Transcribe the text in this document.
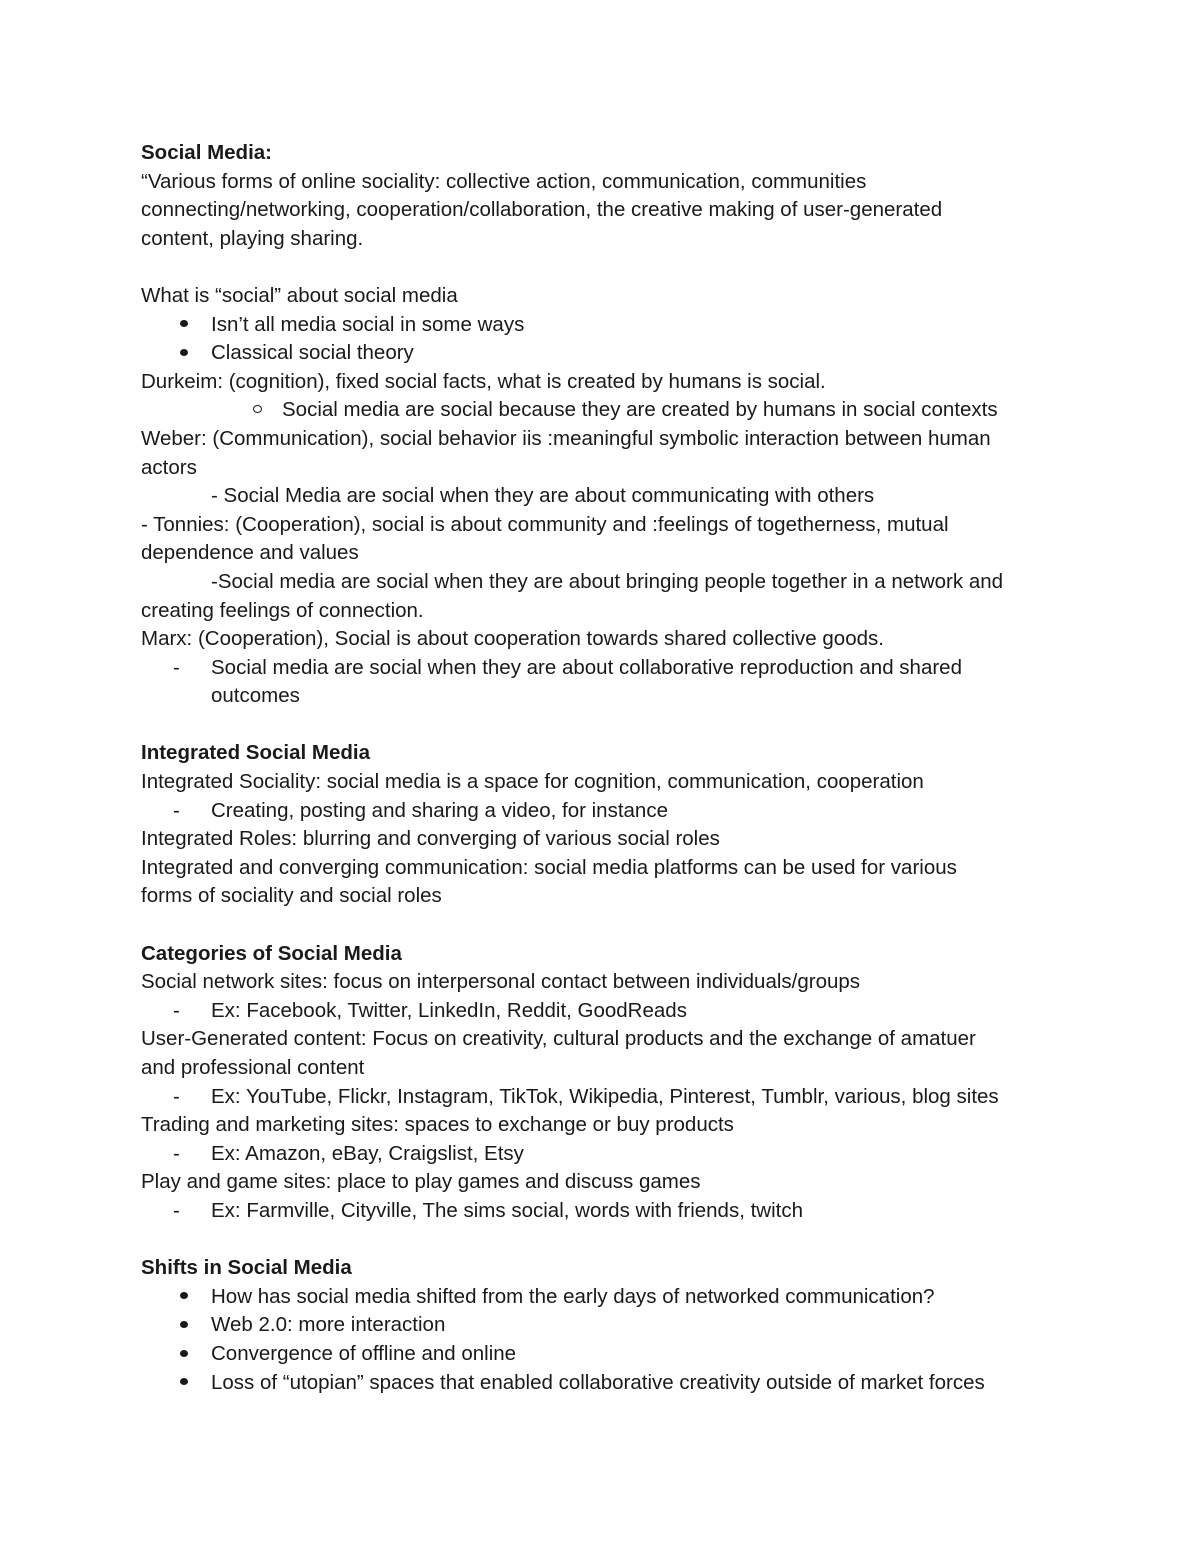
Social Media:
“Various forms of online sociality: collective action, communication, communities
connecting/networking, cooperation/collaboration, the creative making of user-generated
content, playing sharing.
What is “social” about social media
Isn’t all media social in some ways
Classical social theory
Durkeim: (cognition), fixed social facts, what is created by humans is social.
Social media are social because they are created by humans in social contexts
Weber: (Communication), social behavior iis :meaningful symbolic interaction between human
actors
- Social Media are social when they are about communicating with others
- Tonnies: (Cooperation), social is about community and :feelings of togetherness, mutual
dependence and values
-Social media are social when they are about bringing people together in a network and
creating feelings of connection.
Marx: (Cooperation), Social is about cooperation towards shared collective goods.
- Social media are social when they are about collaborative reproduction and shared
outcomes
Integrated Social Media
Integrated Sociality: social media is a space for cognition, communication, cooperation
- Creating, posting and sharing a video, for instance
Integrated Roles: blurring and converging of various social roles
Integrated and converging communication: social media platforms can be used for various
forms of sociality and social roles
Categories of Social Media
Social network sites: focus on interpersonal contact between individuals/groups
- Ex: Facebook, Twitter, LinkedIn, Reddit, GoodReads
User-Generated content: Focus on creativity, cultural products and the exchange of amatuer
and professional content
- Ex: YouTube, Flickr, Instagram, TikTok, Wikipedia, Pinterest, Tumblr, various, blog sites
Trading and marketing sites: spaces to exchange or buy products
- Ex: Amazon, eBay, Craigslist, Etsy
Play and game sites: place to play games and discuss games
- Ex: Farmville, Cityville, The sims social, words with friends, twitch
Shifts in Social Media
How has social media shifted from the early days of networked communication?
Web 2.0: more interaction
Convergence of offline and online
Loss of “utopian” spaces that enabled collaborative creativity outside of market forces
